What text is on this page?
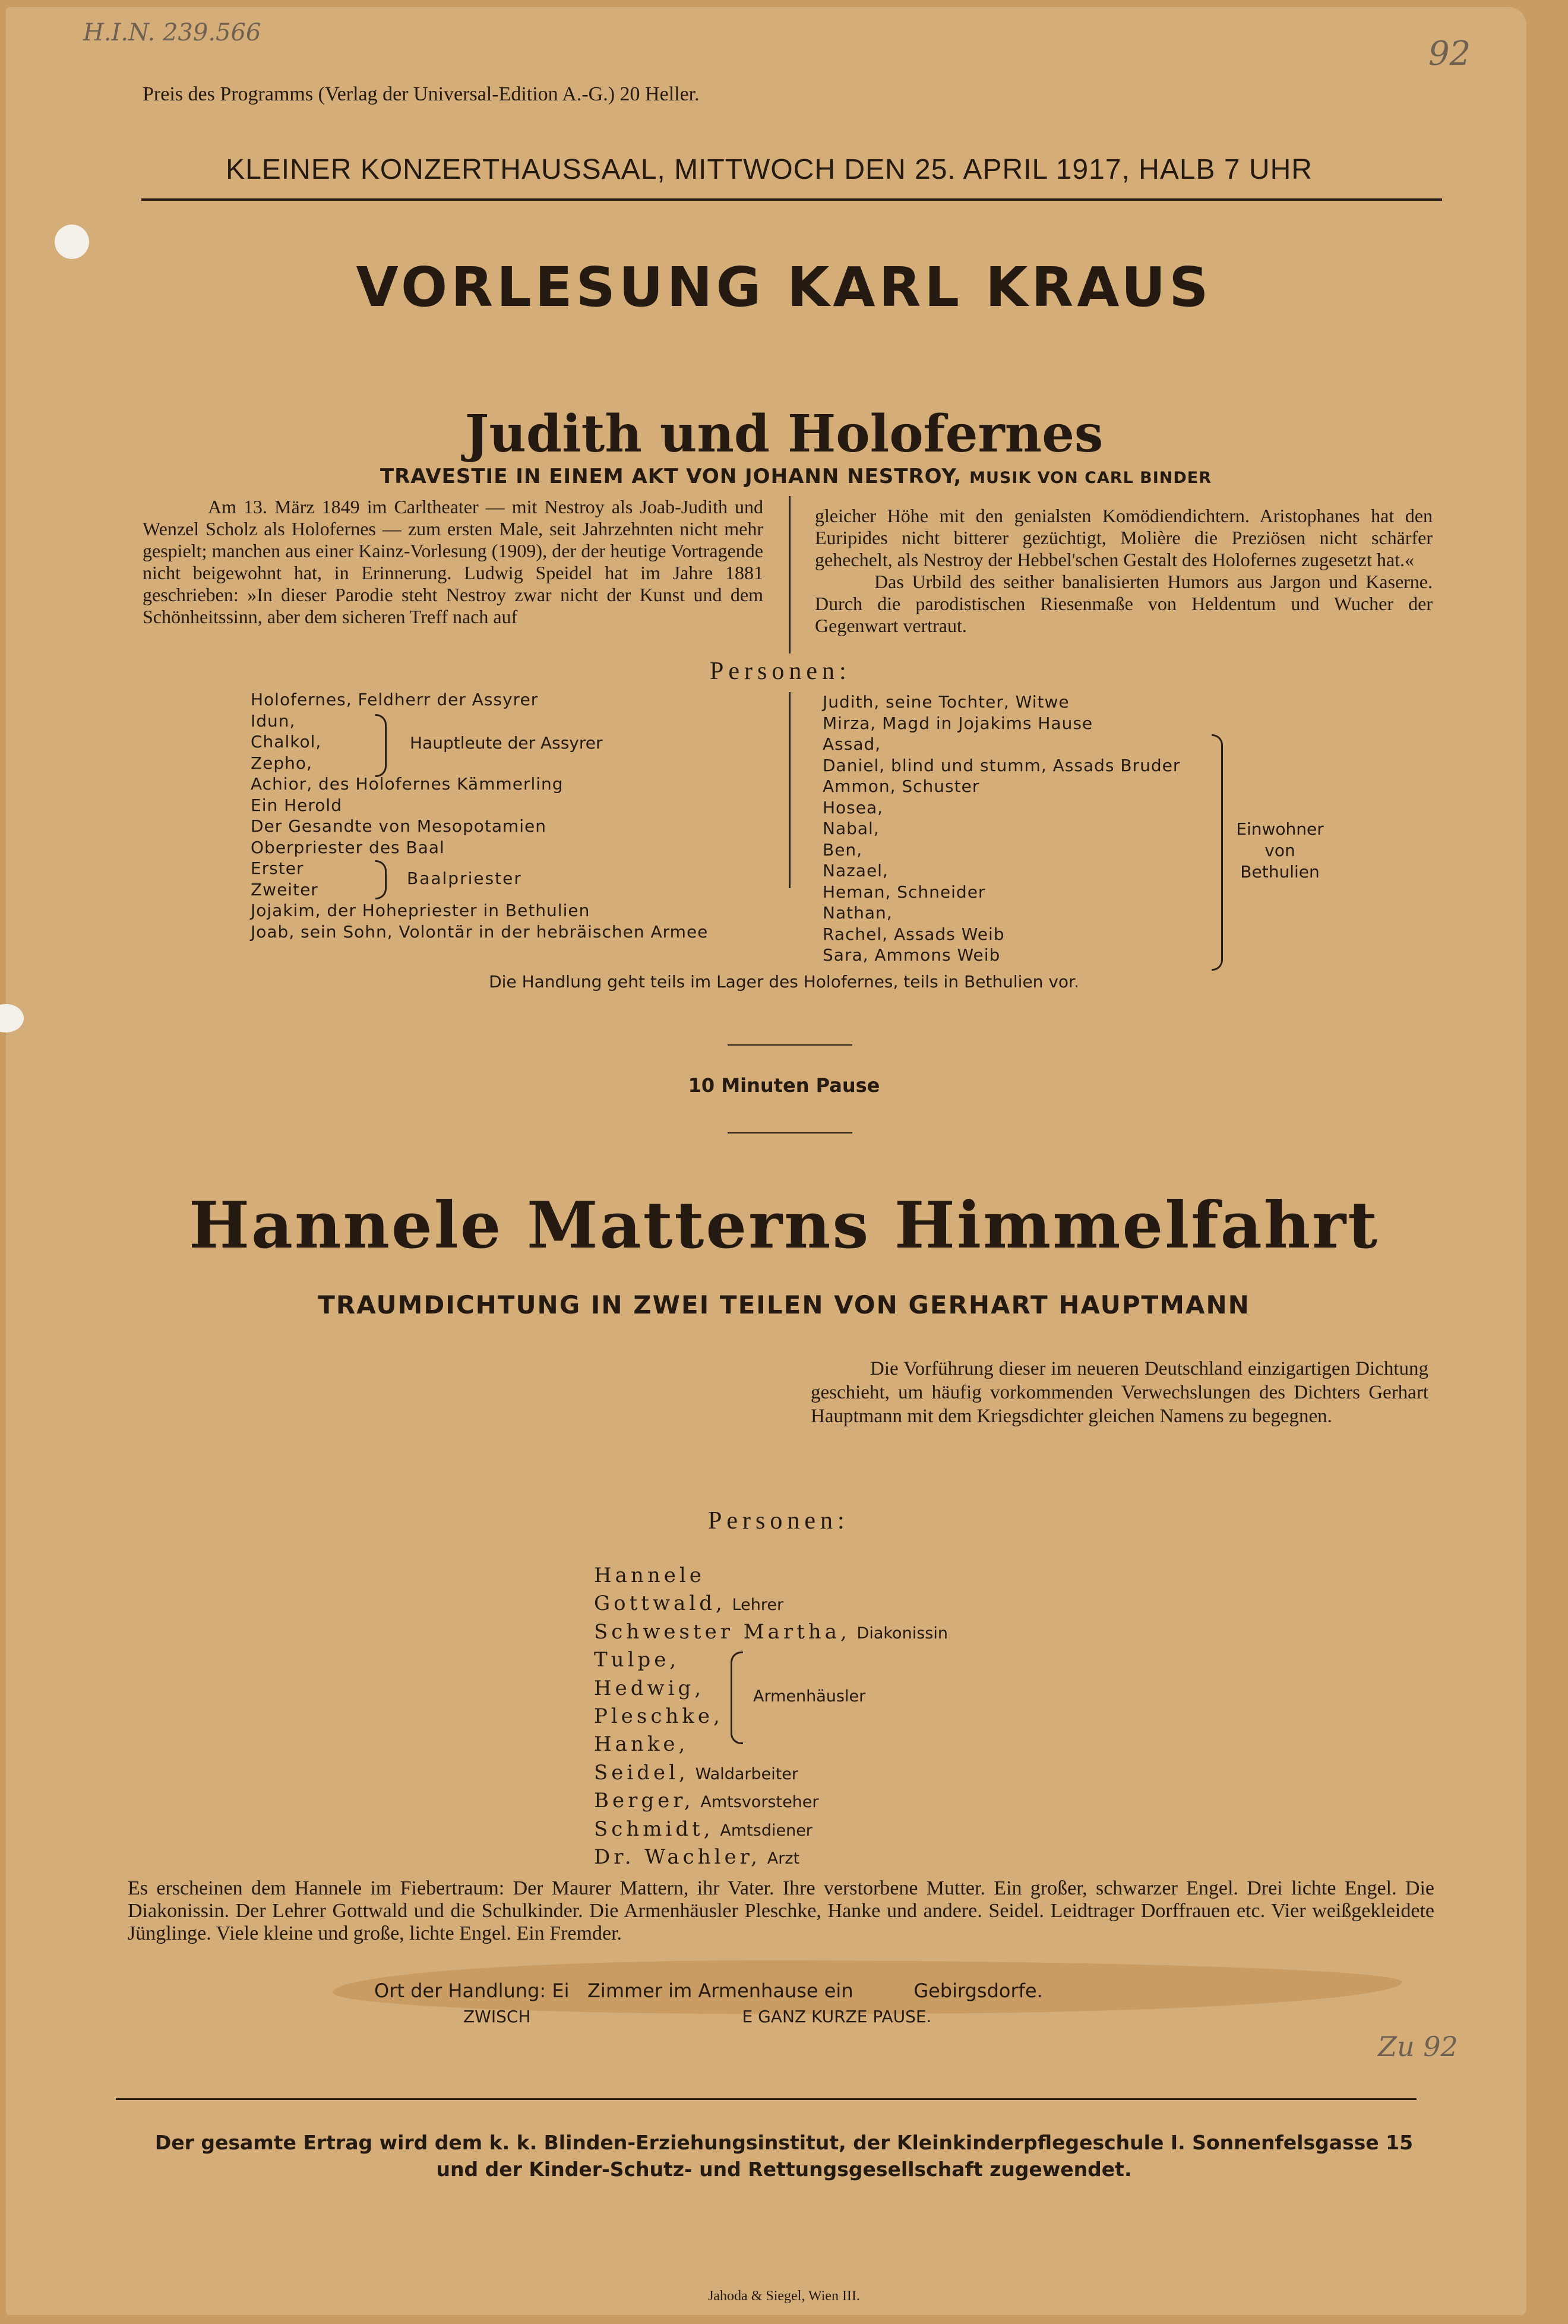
H.I.N. 239.566
92
Preis des Programms (Verlag der Universal-Edition A.-G.) 20 Heller.
KLEINER KONZERTHAUSSAAL, MITTWOCH DEN 25. APRIL 1917, HALB 7 UHR
VORLESUNG KARL KRAUS
Judith und Holofernes
TRAVESTIE IN EINEM AKT VON JOHANN NESTROY, MUSIK VON CARL BINDER
Am 13. März 1849 im Carltheater — mit Nestroy als Joab-Judith und Wenzel Scholz als Holofernes — zum ersten Male, seit Jahrzehnten nicht mehr gespielt; manchen aus einer Kainz-Vorlesung (1909), der der heutige Vortragende nicht beigewohnt hat, in Erinnerung. Ludwig Speidel hat im Jahre 1881 geschrieben: »In dieser Parodie steht Nestroy zwar nicht der Kunst und dem Schönheitssinn, aber dem sicheren Treff nach auf
gleicher Höhe mit den genialsten Komödiendichtern. Aristophanes hat den Euripides nicht bitterer gezüchtigt, Molière die Preziösen nicht schärfer gehechelt, als Nestroy der Hebbel'schen Gestalt des Holofernes zugesetzt hat.«
Das Urbild des seither banalisierten Humors aus Jargon und Kaserne. Durch die parodistischen Riesenmaße von Heldentum und Wucher der Gegenwart vertraut.
Personen:
Holofernes, Feldherr der Assyrer
Idun,
Chalkol,
Zepho,
Achior, des Holofernes Kämmerling
Ein Herold
Der Gesandte von Mesopotamien
Oberpriester des Baal
Erster
Zweiter
Jojakim, der Hohepriester in Bethulien
Joab, sein Sohn, Volontär in der hebräischen Armee
Hauptleute der Assyrer
Baalpriester
Judith, seine Tochter, Witwe
Mirza, Magd in Jojakims Hause
Assad,
Daniel, blind und stumm, Assads Bruder
Ammon, Schuster
Hosea,
Nabal,
Ben,
Nazael,
Heman, Schneider
Nathan,
Rachel, Assads Weib
Sara, Ammons Weib
Einwohner
von
Bethulien
Die Handlung geht teils im Lager des Holofernes, teils in Bethulien vor.
10 Minuten Pause
Hannele Matterns Himmelfahrt
TRAUMDICHTUNG IN ZWEI TEILEN VON GERHART HAUPTMANN
Die Vorführung dieser im neueren Deutschland einzigartigen Dichtung geschieht, um häufig vorkommenden Verwechslungen des Dichters Gerhart Hauptmann mit dem Kriegsdichter gleichen Namens zu begegnen.
Personen:
Hannele
Gottwald, Lehrer
Schwester Martha, Diakonissin
Tulpe,
Hedwig,
Pleschke,
Hanke,
Seidel, Waldarbeiter
Berger, Amtsvorsteher
Schmidt, Amtsdiener
Dr. Wachler, Arzt
Armenhäusler
Es erscheinen dem Hannele im Fiebertraum: Der Maurer Mattern, ihr Vater. Ihre verstorbene Mutter. Ein großer, schwarzer Engel. Drei lichte Engel. Die Diakonissin. Der Lehrer Gottwald und die Schulkinder. Die Armenhäusler Pleschke, Hanke und andere. Seidel. Leidtrager Dorffrauen etc. Vier weißgekleidete Jünglinge. Viele kleine und große, lichte Engel. Ein Fremder.
Ort der Handlung: Ei   Zimmer im Armenhause ein          Gebirgsdorfe.
ZWISCH                                        E GANZ KURZE PAUSE.
Zu 92
Der gesamte Ertrag wird dem k. k. Blinden-Erziehungsinstitut, der Kleinkinderpflegeschule I. Sonnenfelsgasse 15
und der Kinder-Schutz- und Rettungsgesellschaft zugewendet.
Jahoda & Siegel, Wien III.
